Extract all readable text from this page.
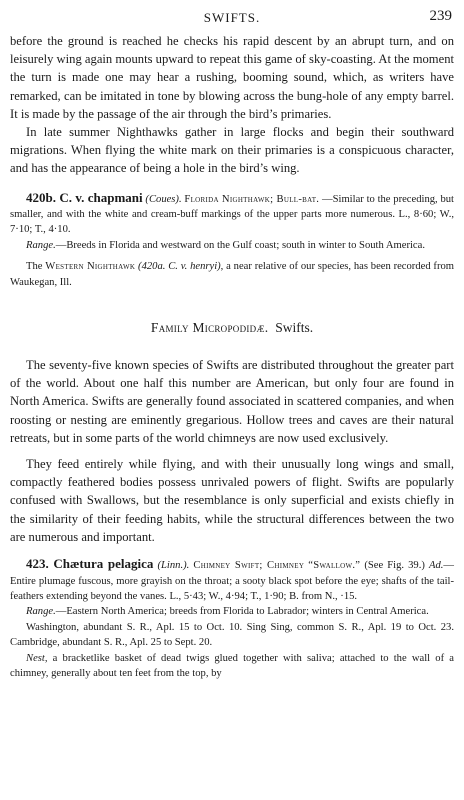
SWIFTS.	239

before the ground is reached he checks his rapid descent by an abrupt turn, and on leisurely wing again mounts upward to repeat this game of sky-coasting. At the moment the turn is made one may hear a rushing, booming sound, which, as writers have remarked, can be imitated in tone by blowing across the bung-hole of any empty barrel. It is made by the passage of the air through the bird’s primaries.

In late summer Nighthawks gather in large flocks and begin their southward migrations. When flying the white mark on their primaries is a conspicuous character, and has the appearance of being a hole in the bird’s wing.

420b. C. v. chapmani (Coues). Florida Nighthawk; Bull-bat. —Similar to the preceding, but smaller, and with the white and cream-buff markings of the upper parts more numerous. L., 8·60; W., 7·10; T., 4·10.

Range.—Breeds in Florida and westward on the Gulf coast; south in winter to South America.

The Western Nighthawk (420a. C. v. henryi), a near relative of our species, has been recorded from Waukegan, Ill.

Family Micropodidæ. Swifts.

The seventy-five known species of Swifts are distributed throughout the greater part of the world. About one half this number are American, but only four are found in North America. Swifts are generally found associated in scattered companies, and when roosting or nesting are eminently gregarious. Hollow trees and caves are their natural retreats, but in some parts of the world chimneys are now used exclusively.

They feed entirely while flying, and with their unusually long wings and small, compactly feathered bodies possess unrivaled powers of flight. Swifts are popularly confused with Swallows, but the resemblance is only superficial and exists chiefly in the similarity of their feeding habits, while the structural differences between the two are numerous and important.

423. Chætura pelagica (Linn.). Chimney Swift; Chimney “Swallow.” (See Fig. 39.) Ad.—Entire plumage fuscous, more grayish on the throat; a sooty black spot before the eye; shafts of the tail-feathers extending beyond the vanes. L., 5·43; W., 4·94; T., 1·90; B. from N., ·15.

Range.—Eastern North America; breeds from Florida to Labrador; winters in Central America.

Washington, abundant S. R., Apl. 15 to Oct. 10. Sing Sing, common S. R., Apl. 19 to Oct. 23. Cambridge, abundant S. R., Apl. 25 to Sept. 20.

Nest, a bracketlike basket of dead twigs glued together with saliva; attached to the wall of a chimney, generally about ten feet from the top, by
